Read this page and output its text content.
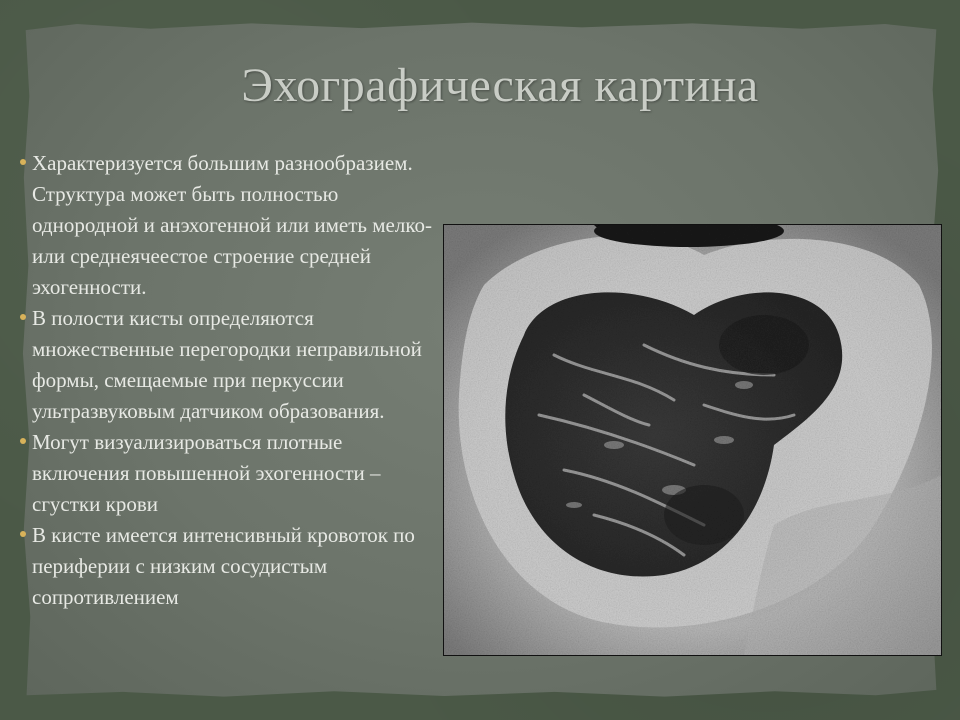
Эхографическая картина
Характеризуется большим разнообразием. Структура может быть полностью однородной и анэхогенной или иметь мелко- или среднеячеестое строение средней эхогенности.
В полости кисты определяются множественные перегородки неправильной формы, смещаемые при перкуссии ультразвуковым датчиком образования.
Могут визуализироваться плотные включения повышенной эхогенности – сгустки крови
В кисте имеется интенсивный кровоток по периферии с низким сосудистым сопротивлением
